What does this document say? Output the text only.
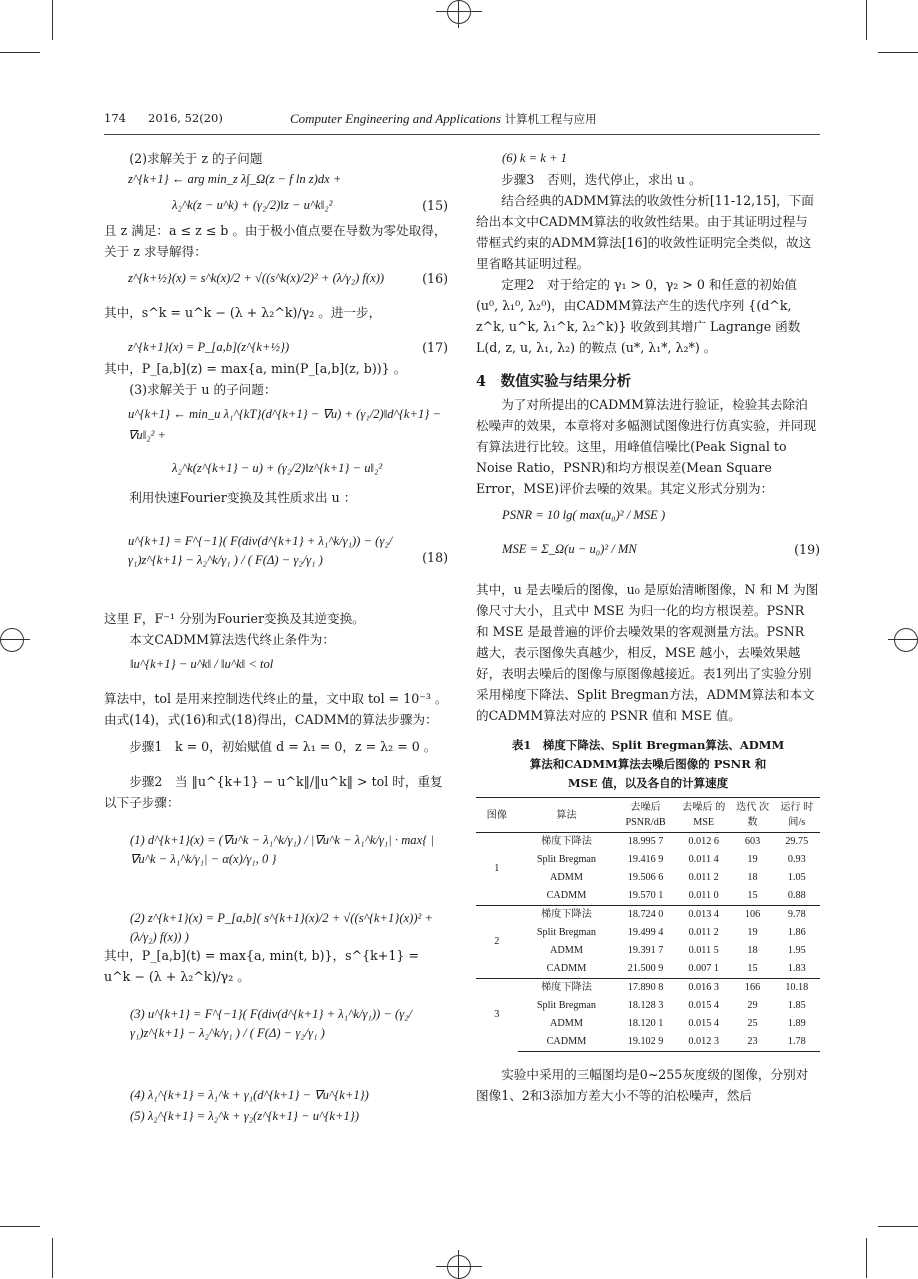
174 2016, 52(20)	Computer Engineering and Applications 计算机工程与应用

(2)求解关于 z 的子问题

z^{k+1} ← arg min_z λ∫_Ω(z − f ln z)dx +
λ₂^k(z − u^k) + (γ₂/2)‖z − u^k‖₂²	(15)

且 z 满足：a ≤ z ≤ b 。由于极小值点要在导数为零处取得，关于 z 求导解得：

z^{k+½}(x) = s^k(x)/2 + √((s^k(x)/2)² + (λ/γ₂) f(x))	(16)

其中，s^k = u^k − (λ + λ₂^k)/γ₂ 。进一步，

z^{k+1}(x) = P_[a,b](z^{k+½})	(17)

其中，P_[a,b](z) = max{a, min(P_[a,b](z, b))} 。

(3)求解关于 u 的子问题：

u^{k+1} ← min_u λ₁^{kT}(d^{k+1} − ∇u) + (γ₁/2)‖d^{k+1} − ∇u‖₂² +
λ₂^k(z^{k+1} − u) + (γ₂/2)‖z^{k+1} − u‖₂²

利用快速Fourier变换及其性质求出 u ：

u^{k+1} = F^{−1}( F(div(d^{k+1} + λ₁^k/γ₁)) − (γ₂/γ₁)z^{k+1} − λ₂^k/γ₁ ) / ( F(Δ) − γ₂/γ₁ )	(18)

这里 F，F⁻¹ 分别为Fourier变换及其逆变换。

本文CADMM算法迭代终止条件为：

‖u^{k+1} − u^k‖ / ‖u^k‖ < tol

算法中，tol 是用来控制迭代终止的量，文中取 tol = 10⁻³ 。由式(14)，式(16)和式(18)得出，CADMM的算法步骤为：

步骤1　k = 0，初始赋值 d = λ₁ = 0，z = λ₂ = 0 。

步骤2　当 ‖u^{k+1} − u^k‖/‖u^k‖ > tol 时，重复以下子步骤：

(1) d^{k+1}(x) = (∇u^k − λ₁^k/γ₁) / |∇u^k − λ₁^k/γ₁| · max{ |∇u^k − λ₁^k/γ₁| − α(x)/γ₁, 0 }
(2) z^{k+1}(x) = P_[a,b]( s^{k+1}(x)/2 + √((s^{k+1}(x))² + (λ/γ₂) f(x)) )

其中，P_[a,b](t) = max{a, min(t, b)}，s^{k+1} = u^k − (λ + λ₂^k)/γ₂ 。

(3) u^{k+1} = F^{−1}( F(div(d^{k+1} + λ₁^k/γ₁)) − (γ₂/γ₁)z^{k+1} − λ₂^k/γ₁ ) / ( F(Δ) − γ₂/γ₁ )
(4) λ₁^{k+1} = λ₁^k + γ₁(d^{k+1} − ∇u^{k+1})
(5) λ₂^{k+1} = λ₂^k + γ₂(z^{k+1} − u^{k+1})
(6) k = k + 1

步骤3　否则，迭代停止，求出 u 。

结合经典的ADMM算法的收敛性分析[11-12,15]，下面给出本文中CADMM算法的收敛性结果。由于其证明过程与带框式约束的ADMM算法[16]的收敛性证明完全类似，故这里省略其证明过程。

定理2　对于给定的 γ₁ > 0，γ₂ > 0 和任意的初始值 (u⁰, λ₁⁰, λ₂⁰)，由CADMM算法产生的迭代序列 {(d^k, z^k, u^k, λ₁^k, λ₂^k)} 收敛到其增广 Lagrange 函数 L(d, z, u, λ₁, λ₂) 的鞍点 (u*, λ₁*, λ₂*) 。

4　数值实验与结果分析

为了对所提出的CADMM算法进行验证，检验其去除泊松噪声的效果，本章将对多幅测试图像进行仿真实验，并同现有算法进行比较。这里，用峰值信噪比(Peak Signal to Noise Ratio，PSNR)和均方根误差(Mean Square Error，MSE)评价去噪的效果。其定义形式分别为：

PSNR = 10 lg( max(u₀)² / MSE )
MSE = Σ_Ω(u − u₀)² / MN	(19)

其中，u 是去噪后的图像，u₀ 是原始清晰图像，N 和 M 为图像尺寸大小，且式中 MSE 为归一化的均方根误差。PSNR 和 MSE 是最普遍的评价去噪效果的客观测量方法。PSNR 越大，表示图像失真越少，相反，MSE 越小，去噪效果越好，表明去噪后的图像与原图像越接近。表1列出了实验分别采用梯度下降法、Split Bregman方法，ADMM算法和本文的CADMM算法对应的 PSNR 值和 MSE 值。

表1　梯度下降法、Split Bregman算法、ADMM
算法和CADMM算法去噪后图像的 PSNR 和
MSE 值，以及各自的计算速度
图像	算法	去噪后 PSNR/dB	去噪后 的 MSE	迭代 次数	运行 时间/s
1	梯度下降法	18.995 7	0.012 6	603	29.75
	Split Bregman	19.416 9	0.011 4	19	0.93
	ADMM	19.506 6	0.011 2	18	1.05
	CADMM	19.570 1	0.011 0	15	0.88
2	梯度下降法	18.724 0	0.013 4	106	9.78
	Split Bregman	19.499 4	0.011 2	19	1.86
	ADMM	19.391 7	0.011 5	18	1.95
	CADMM	21.500 9	0.007 1	15	1.83
3	梯度下降法	17.890 8	0.016 3	166	10.18
	Split Bregman	18.128 3	0.015 4	29	1.85
	ADMM	18.120 1	0.015 4	25	1.89
	CADMM	19.102 9	0.012 3	23	1.78

实验中采用的三幅图均是0~255灰度级的图像，分别对图像1、2和3添加方差大小不等的泊松噪声，然后
